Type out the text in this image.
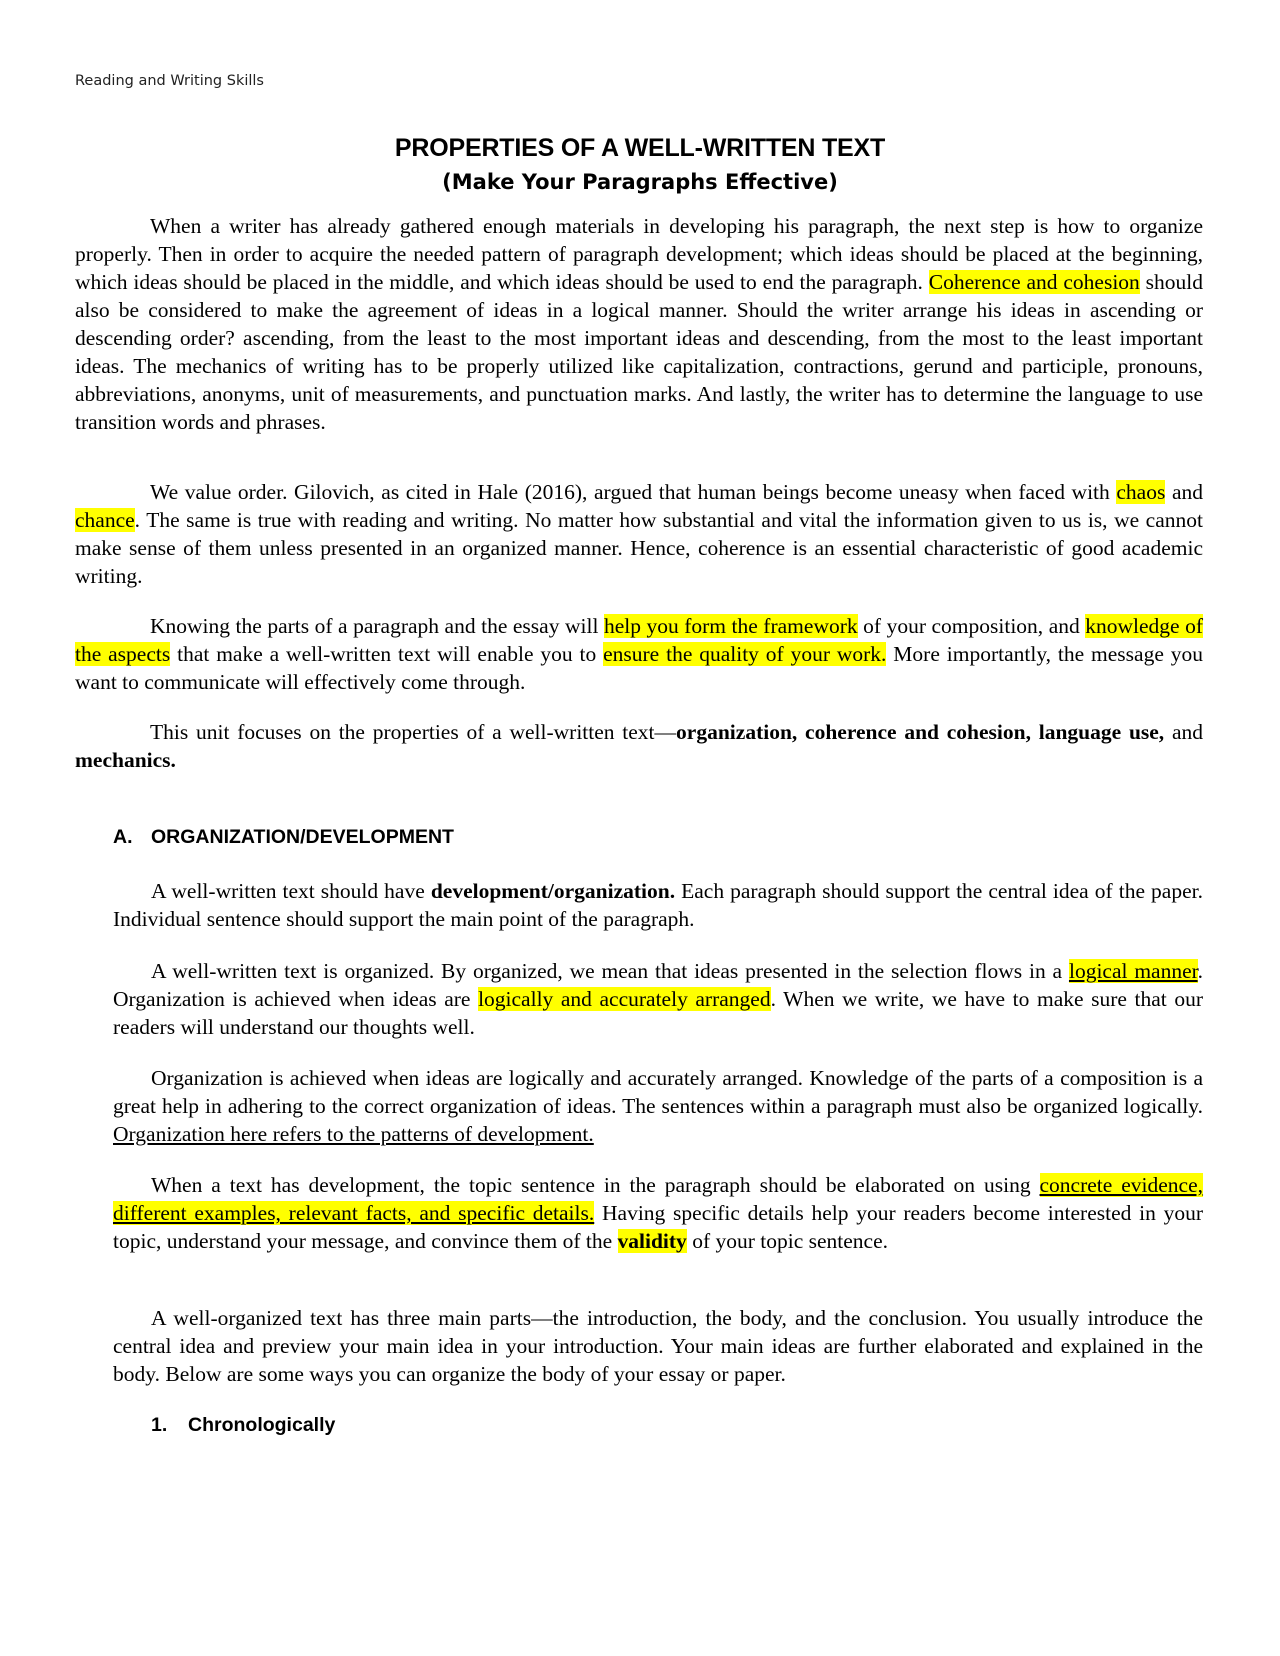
Reading and Writing Skills
PROPERTIES OF A WELL-WRITTEN TEXT
(Make Your Paragraphs Effective)

When a writer has already gathered enough materials in developing his paragraph, the next step is how to organize properly. Then in order to acquire the needed pattern of paragraph development; which ideas should be placed at the beginning, which ideas should be placed in the middle, and which ideas should be used to end the paragraph. Coherence and cohesion should also be considered to make the agreement of ideas in a logical manner. Should the writer arrange his ideas in ascending or descending order? ascending, from the least to the most important ideas and descending, from the most to the least important ideas. The mechanics of writing has to be properly utilized like capitalization, contractions, gerund and participle, pronouns, abbreviations, anonyms, unit of measurements, and punctuation marks. And lastly, the writer has to determine the language to use transition words and phrases.

We value order. Gilovich, as cited in Hale (2016), argued that human beings become uneasy when faced with chaos and chance. The same is true with reading and writing. No matter how substantial and vital the information given to us is, we cannot make sense of them unless presented in an organized manner. Hence, coherence is an essential characteristic of good academic writing.

Knowing the parts of a paragraph and the essay will help you form the framework of your composition, and knowledge of the aspects that make a well-written text will enable you to ensure the quality of your work. More importantly, the message you want to communicate will effectively come through.

This unit focuses on the properties of a well-written text—organization, coherence and cohesion, language use, and mechanics.

A. ORGANIZATION/DEVELOPMENT

A well-written text should have development/organization. Each paragraph should support the central idea of the paper. Individual sentence should support the main point of the paragraph.

A well-written text is organized. By organized, we mean that ideas presented in the selection flows in a logical manner. Organization is achieved when ideas are logically and accurately arranged. When we write, we have to make sure that our readers will understand our thoughts well.

Organization is achieved when ideas are logically and accurately arranged. Knowledge of the parts of a composition is a great help in adhering to the correct organization of ideas. The sentences within a paragraph must also be organized logically. Organization here refers to the patterns of development.

When a text has development, the topic sentence in the paragraph should be elaborated on using concrete evidence, different examples, relevant facts, and specific details. Having specific details help your readers become interested in your topic, understand your message, and convince them of the validity of your topic sentence.

A well-organized text has three main parts—the introduction, the body, and the conclusion. You usually introduce the central idea and preview your main idea in your introduction. Your main ideas are further elaborated and explained in the body. Below are some ways you can organize the body of your essay or paper.

1. Chronologically
